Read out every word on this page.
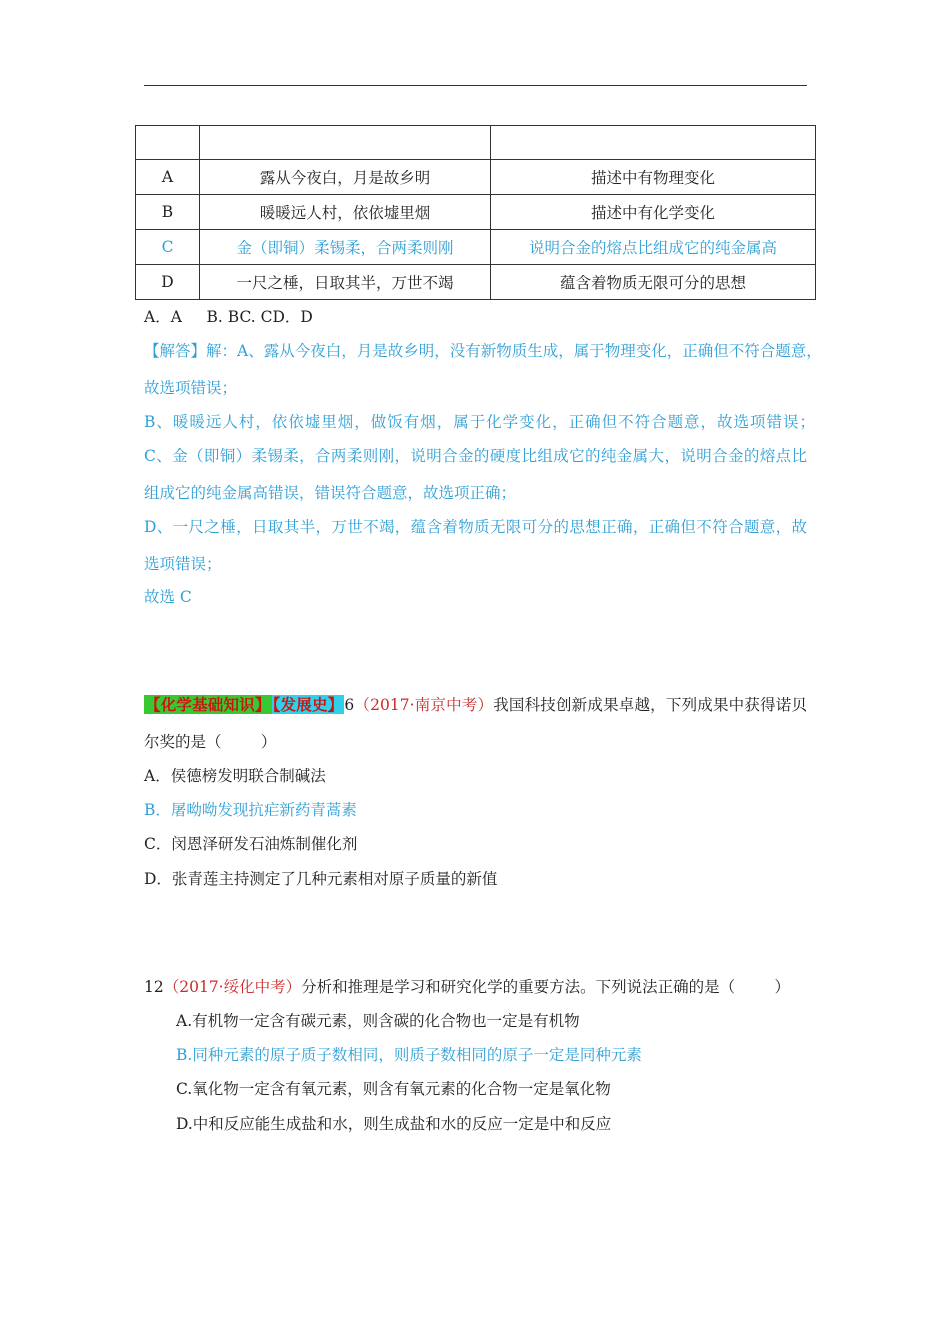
A	露从今夜白，月是故乡明	描述中有物理变化
B	暖暖远人村，依依墟里烟	描述中有化学变化
C	金（即铜）柔锡柔，合两柔则刚	说明合金的熔点比组成它的纯金属高
D	一尺之棰，日取其半，万世不竭	蕴含着物质无限可分的思想
A．A     B. BC. CD．D
【解答】解：A、露从今夜白，月是故乡明，没有新物质生成，属于物理变化，正确但不符合题意，
故选项错误；
B、暖暖远人村，依依墟里烟，做饭有烟，属于化学变化，正确但不符合题意，故选项错误；
C、金（即铜）柔锡柔，合两柔则刚，说明合金的硬度比组成它的纯金属大，说明合金的熔点比
组成它的纯金属高错误，错误符合题意，故选项正确；
D、一尺之棰，日取其半，万世不竭，蕴含着物质无限可分的思想正确，正确但不符合题意，故
选项错误；
故选 C
【化学基础知识】 【发展史】6（2017·南京中考）我国科技创新成果卓越，下列成果中获得诺贝
尔奖的是（        ）
A．侯德榜发明联合制碱法
B．屠呦呦发现抗疟新药青蒿素
C．闵恩泽研发石油炼制催化剂
D．张青莲主持测定了几种元素相对原子质量的新值
12（2017·绥化中考）分析和推理是学习和研究化学的重要方法。下列说法正确的是（        ）
A.有机物一定含有碳元素，则含碳的化合物也一定是有机物
B.同种元素的原子质子数相同，则质子数相同的原子一定是同种元素
C.氧化物一定含有氧元素，则含有氧元素的化合物一定是氧化物
D.中和反应能生成盐和水，则生成盐和水的反应一定是中和反应
